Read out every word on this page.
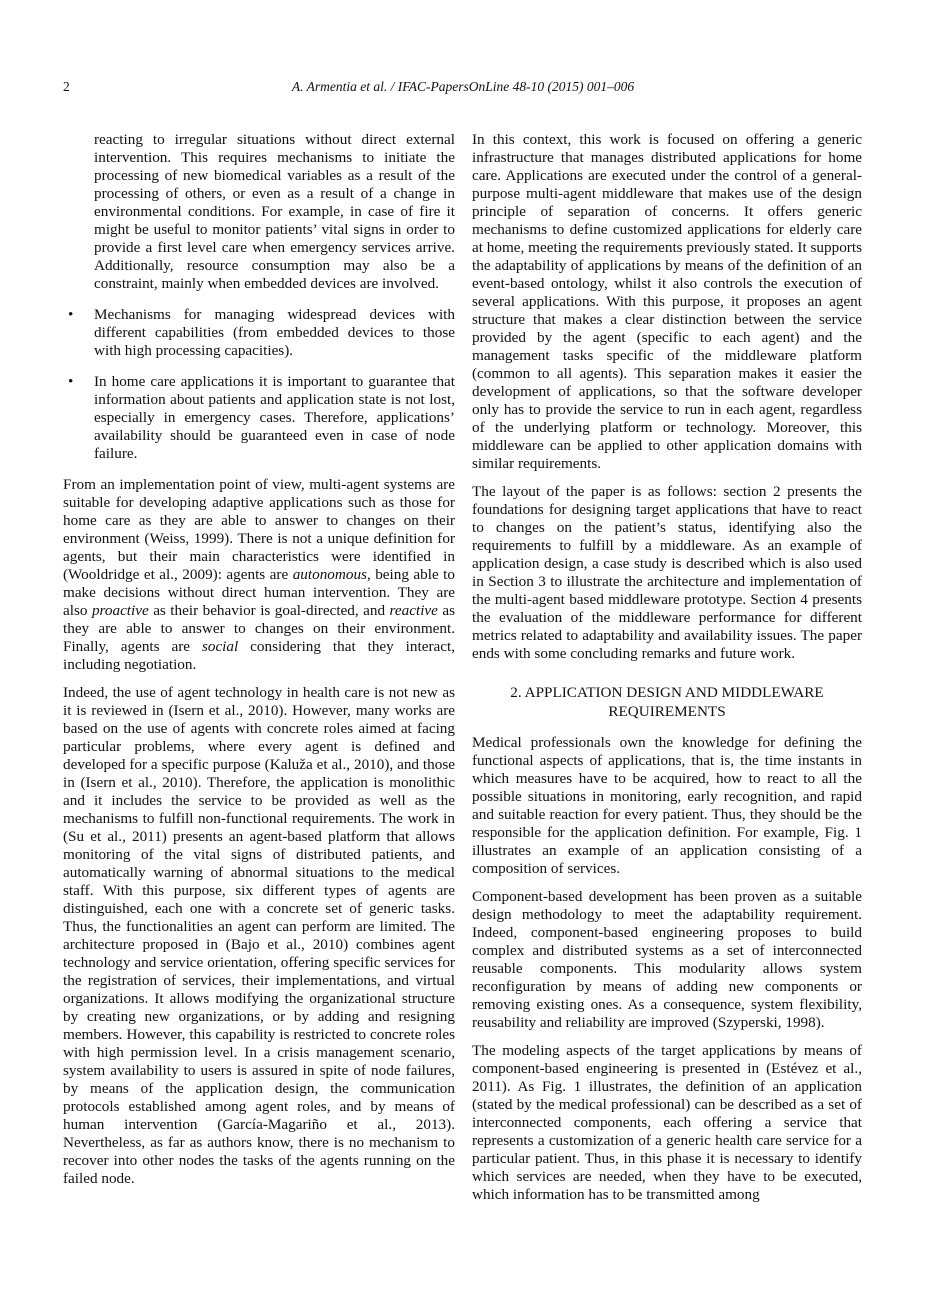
2	A. Armentia et al. / IFAC-PapersOnLine 48-10 (2015) 001–006

reacting to irregular situations without direct external intervention. This requires mechanisms to initiate the processing of new biomedical variables as a result of the processing of others, or even as a result of a change in environmental conditions. For example, in case of fire it might be useful to monitor patients’ vital signs in order to provide a first level care when emergency services arrive. Additionally, resource consumption may also be a constraint, mainly when embedded devices are involved.

• Mechanisms for managing widespread devices with different capabilities (from embedded devices to those with high processing capacities).
• In home care applications it is important to guarantee that information about patients and application state is not lost, especially in emergency cases. Therefore, applications’ availability should be guaranteed even in case of node failure.

From an implementation point of view, multi-agent systems are suitable for developing adaptive applications such as those for home care as they are able to answer to changes on their environment (Weiss, 1999). There is not a unique definition for agents, but their main characteristics were identified in (Wooldridge et al., 2009): agents are autonomous, being able to make decisions without direct human intervention. They are also proactive as their behavior is goal-directed, and reactive as they are able to answer to changes on their environment. Finally, agents are social considering that they interact, including negotiation.

Indeed, the use of agent technology in health care is not new as it is reviewed in (Isern et al., 2010). However, many works are based on the use of agents with concrete roles aimed at facing particular problems, where every agent is defined and developed for a specific purpose (Kaluža et al., 2010), and those in (Isern et al., 2010). Therefore, the application is monolithic and it includes the service to be provided as well as the mechanisms to fulfill non-functional requirements. The work in (Su et al., 2011) presents an agent-based platform that allows monitoring of the vital signs of distributed patients, and automatically warning of abnormal situations to the medical staff. With this purpose, six different types of agents are distinguished, each one with a concrete set of generic tasks. Thus, the functionalities an agent can perform are limited. The architecture proposed in (Bajo et al., 2010) combines agent technology and service orientation, offering specific services for the registration of services, their implementations, and virtual organizations. It allows modifying the organizational structure by creating new organizations, or by adding and resigning members. However, this capability is restricted to concrete roles with high permission level. In a crisis management scenario, system availability to users is assured in spite of node failures, by means of the application design, the communication protocols established among agent roles, and by means of human intervention (García-Magariño et al., 2013). Nevertheless, as far as authors know, there is no mechanism to recover into other nodes the tasks of the agents running on the failed node.

In this context, this work is focused on offering a generic infrastructure that manages distributed applications for home care. Applications are executed under the control of a general-purpose multi-agent middleware that makes use of the design principle of separation of concerns. It offers generic mechanisms to define customized applications for elderly care at home, meeting the requirements previously stated. It supports the adaptability of applications by means of the definition of an event-based ontology, whilst it also controls the execution of several applications. With this purpose, it proposes an agent structure that makes a clear distinction between the service provided by the agent (specific to each agent) and the management tasks specific of the middleware platform (common to all agents). This separation makes it easier the development of applications, so that the software developer only has to provide the service to run in each agent, regardless of the underlying platform or technology. Moreover, this middleware can be applied to other application domains with similar requirements.

The layout of the paper is as follows: section 2 presents the foundations for designing target applications that have to react to changes on the patient’s status, identifying also the requirements to fulfill by a middleware. As an example of application design, a case study is described which is also used in Section 3 to illustrate the architecture and implementation of the multi-agent based middleware prototype. Section 4 presents the evaluation of the middleware performance for different metrics related to adaptability and availability issues. The paper ends with some concluding remarks and future work.

2. APPLICATION DESIGN AND MIDDLEWARE REQUIREMENTS

Medical professionals own the knowledge for defining the functional aspects of applications, that is, the time instants in which measures have to be acquired, how to react to all the possible situations in monitoring, early recognition, and rapid and suitable reaction for every patient. Thus, they should be the responsible for the application definition. For example, Fig. 1 illustrates an example of an application consisting of a composition of services.

Component-based development has been proven as a suitable design methodology to meet the adaptability requirement. Indeed, component-based engineering proposes to build complex and distributed systems as a set of interconnected reusable components. This modularity allows system reconfiguration by means of adding new components or removing existing ones. As a consequence, system flexibility, reusability and reliability are improved (Szyperski, 1998).

The modeling aspects of the target applications by means of component-based engineering is presented in (Estévez et al., 2011). As Fig. 1 illustrates, the definition of an application (stated by the medical professional) can be described as a set of interconnected components, each offering a service that represents a customization of a generic health care service for a particular patient. Thus, in this phase it is necessary to identify which services are needed, when they have to be executed, which information has to be transmitted among
